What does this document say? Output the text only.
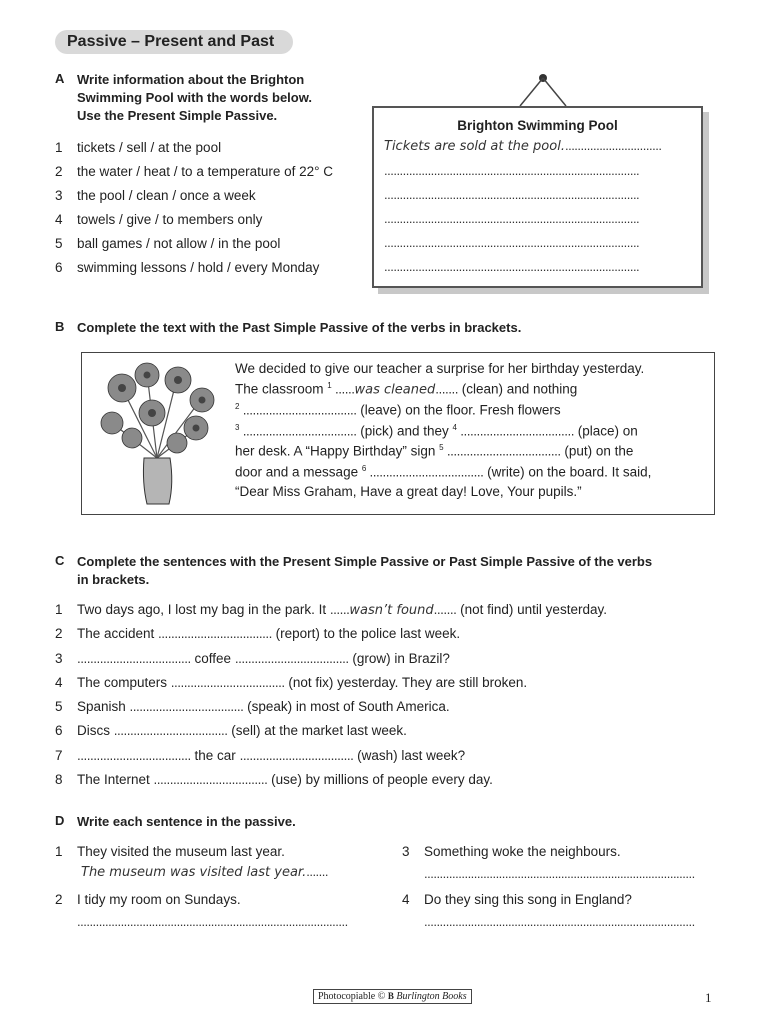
Passive – Present and Past
A Write information about the Brighton
Swimming Pool with the words below.
Use the Present Simple Passive.
1 tickets / sell / at the pool
2 the water / heat / to a temperature of 22° C
3 the pool / clean / once a week
4 towels / give / to members only
5 ball games / not allow / in the pool
6 swimming lessons / hold / every Monday
Brighton Swimming Pool
Tickets are sold at the pool................................
..................................................................................
..................................................................................
..................................................................................
..................................................................................
..................................................................................
B Complete the text with the Past Simple Passive of the verbs in brackets.
We decided to give our teacher a surprise for her birthday yesterday.
The classroom $^1$ ......was cleaned....... (clean) and nothing
$^2$ ................................... (leave) on the floor. Fresh flowers
$^3$ ................................... (pick) and they $^4$ ................................... (place) on
her desk. A “Happy Birthday” sign $^5$ ................................... (put) on the
door and a message $^6$ ................................... (write) on the board. It said,
“Dear Miss Graham, Have a great day! Love, Your pupils.”
C Complete the sentences with the Present Simple Passive or Past Simple Passive of the verbs
in brackets.
1 Two days ago, I lost my bag in the park. It ......wasn’t found....... (not find) until yesterday.
2 The accident ................................... (report) to the police last week.
3 ................................... coffee ................................... (grow) in Brazil?
4 The computers ................................... (not fix) yesterday. They are still broken.
5 Spanish ................................... (speak) in most of South America.
6 Discs ................................... (sell) at the market last week.
7 ................................... the car ................................... (wash) last week?
8 The Internet ................................... (use) by millions of people every day.
D Write each sentence in the passive.
1 They visited the museum last year.
The museum was visited last year........
2 I tidy my room on Sundays.
.......................................................................................
3 Something woke the neighbours.
.......................................................................................
4 Do they sing this song in England?
.......................................................................................
Photocopiable © B Burlington Books	1
